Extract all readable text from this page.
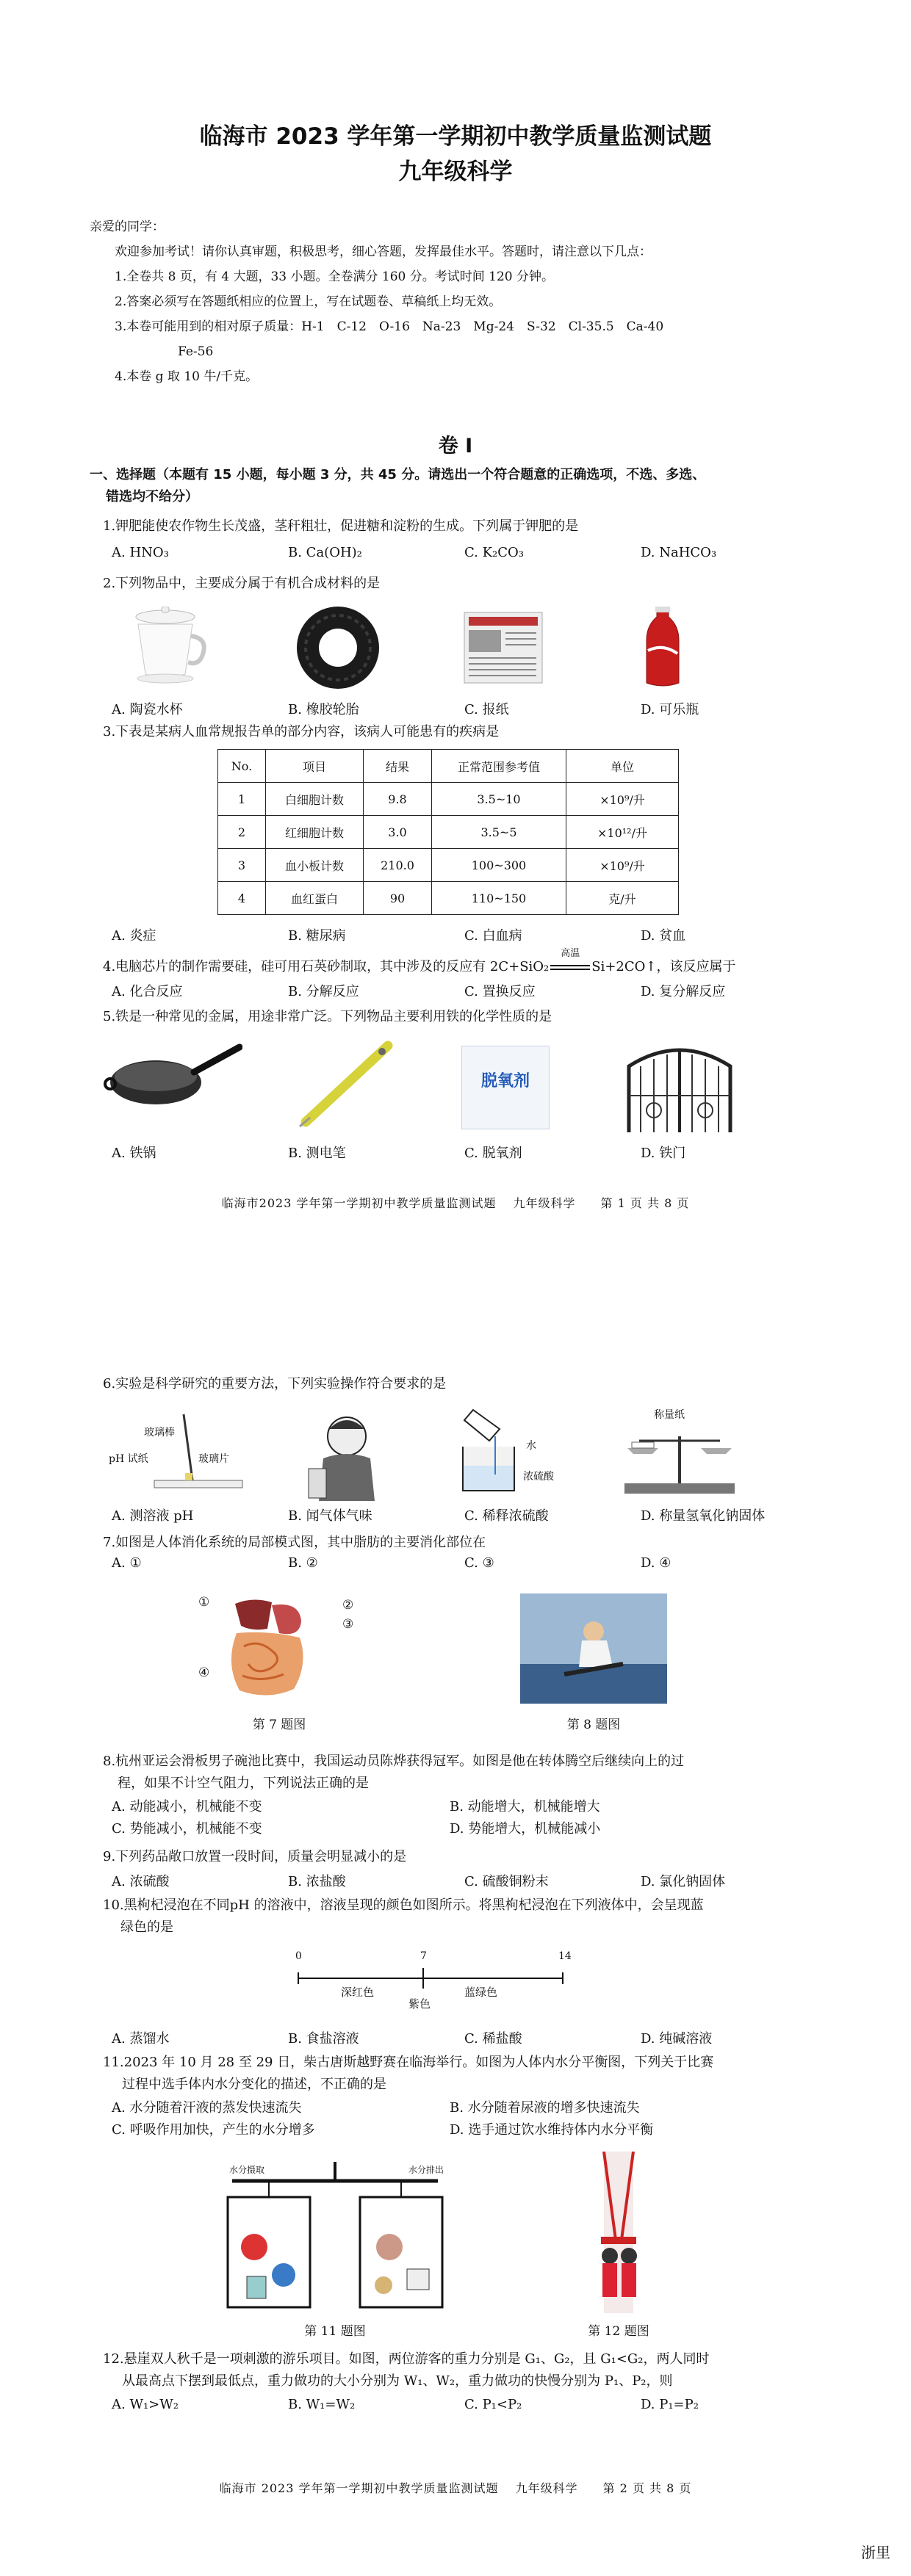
临海市 2023 学年第一学期初中教学质量监测试题
九年级科学
亲爱的同学：
欢迎参加考试！请你认真审题，积极思考，细心答题，发挥最佳水平。答题时，请注意以下几点：
1.全卷共 8 页，有 4 大题，33 小题。全卷满分 160 分。考试时间 120 分钟。
2.答案必须写在答题纸相应的位置上，写在试题卷、草稿纸上均无效。
3.本卷可能用到的相对原子质量：H-1　C-12　O-16　Na-23　Mg-24　S-32　Cl-35.5　Ca-40
Fe-56
4.本卷 g 取 10 牛/千克。
卷 I
一、选择题（本题有 15 小题，每小题 3 分，共 45 分。请选出一个符合题意的正确选项，不选、多选、
错选均不给分）
1.钾肥能使农作物生长茂盛，茎秆粗壮，促进糖和淀粉的生成。下列属于钾肥的是
A. HNO₃	B. Ca(OH)₂	C. K₂CO₃	D. NaHCO₃
2.下列物品中，主要成分属于有机合成材料的是
A. 陶瓷水杯	B. 橡胶轮胎	C. 报纸	D. 可乐瓶
3.下表是某病人血常规报告单的部分内容，该病人可能患有的疾病是
No.	项目	结果	正常范围参考值	单位
1	白细胞计数	9.8	3.5~10	×10⁹/升
2	红细胞计数	3.0	3.5~5	×10¹²/升
3	血小板计数	210.0	100~300	×10⁹/升
4	血红蛋白	90	110~150	克/升
A. 炎症	B. 糖尿病	C. 白血病	D. 贫血
4.电脑芯片的制作需要硅，硅可用石英砂制取，其中涉及的反应有 2C+SiO₂
高温
Si+2CO↑，该反应属于
A. 化合反应	B. 分解反应	C. 置换反应	D. 复分解反应
5.铁是一种常见的金属，用途非常广泛。下列物品主要利用铁的化学性质的是
脱氧剂
A. 铁锅	B. 测电笔	C. 脱氧剂	D. 铁门
临海市2023 学年第一学期初中教学质量监测试题　 九年级科学　　第 1 页 共 8 页
6.实验是科学研究的重要方法，下列实验操作符合要求的是
玻璃棒
pH 试纸	玻璃片
水
浓硫酸
称量纸
A. 测溶液 pH	B. 闻气体气味	C. 稀释浓硫酸	D. 称量氢氧化钠固体
7.如图是人体消化系统的局部模式图，其中脂肪的主要消化部位在
A. ①	B. ②	C. ③	D. ④
①	②
③
④
第 7 题图	第 8 题图
8.杭州亚运会滑板男子碗池比赛中，我国运动员陈烨获得冠军。如图是他在转体腾空后继续向上的过
程，如果不计空气阻力，下列说法正确的是
A. 动能减小，机械能不变	B. 动能增大，机械能增大
C. 势能减小，机械能不变	D. 势能增大，机械能减小
9.下列药品敞口放置一段时间，质量会明显减小的是
A. 浓硫酸	B. 浓盐酸	C. 硫酸铜粉末	D. 氯化钠固体
10.黑枸杞浸泡在不同pH 的溶液中，溶液呈现的颜色如图所示。将黑枸杞浸泡在下列液体中，会呈现蓝
绿色的是
0	7	14
深红色	蓝绿色
紫色
A. 蒸馏水	B. 食盐溶液	C. 稀盐酸	D. 纯碱溶液
11.2023 年 10 月 28 至 29 日，柴古唐斯越野赛在临海举行。如图为人体内水分平衡图，下列关于比赛
过程中选手体内水分变化的描述，不正确的是
A. 水分随着汗液的蒸发快速流失	B. 水分随着尿液的增多快速流失
C. 呼吸作用加快，产生的水分增多	D. 选手通过饮水维持体内水分平衡
水分摄取	水分排出
第 11 题图	第 12 题图
12.悬崖双人秋千是一项刺激的游乐项目。如图，两位游客的重力分别是 G₁、G₂，且 G₁<G₂，两人同时
从最高点下摆到最低点，重力做功的大小分别为 W₁、W₂，重力做功的快慢分别为 P₁、P₂，则
A. W₁>W₂	B. W₁=W₂	C. P₁<P₂	D. P₁=P₂
临海市 2023 学年第一学期初中教学质量监测试题　 九年级科学　　第 2 页 共 8 页
浙里
